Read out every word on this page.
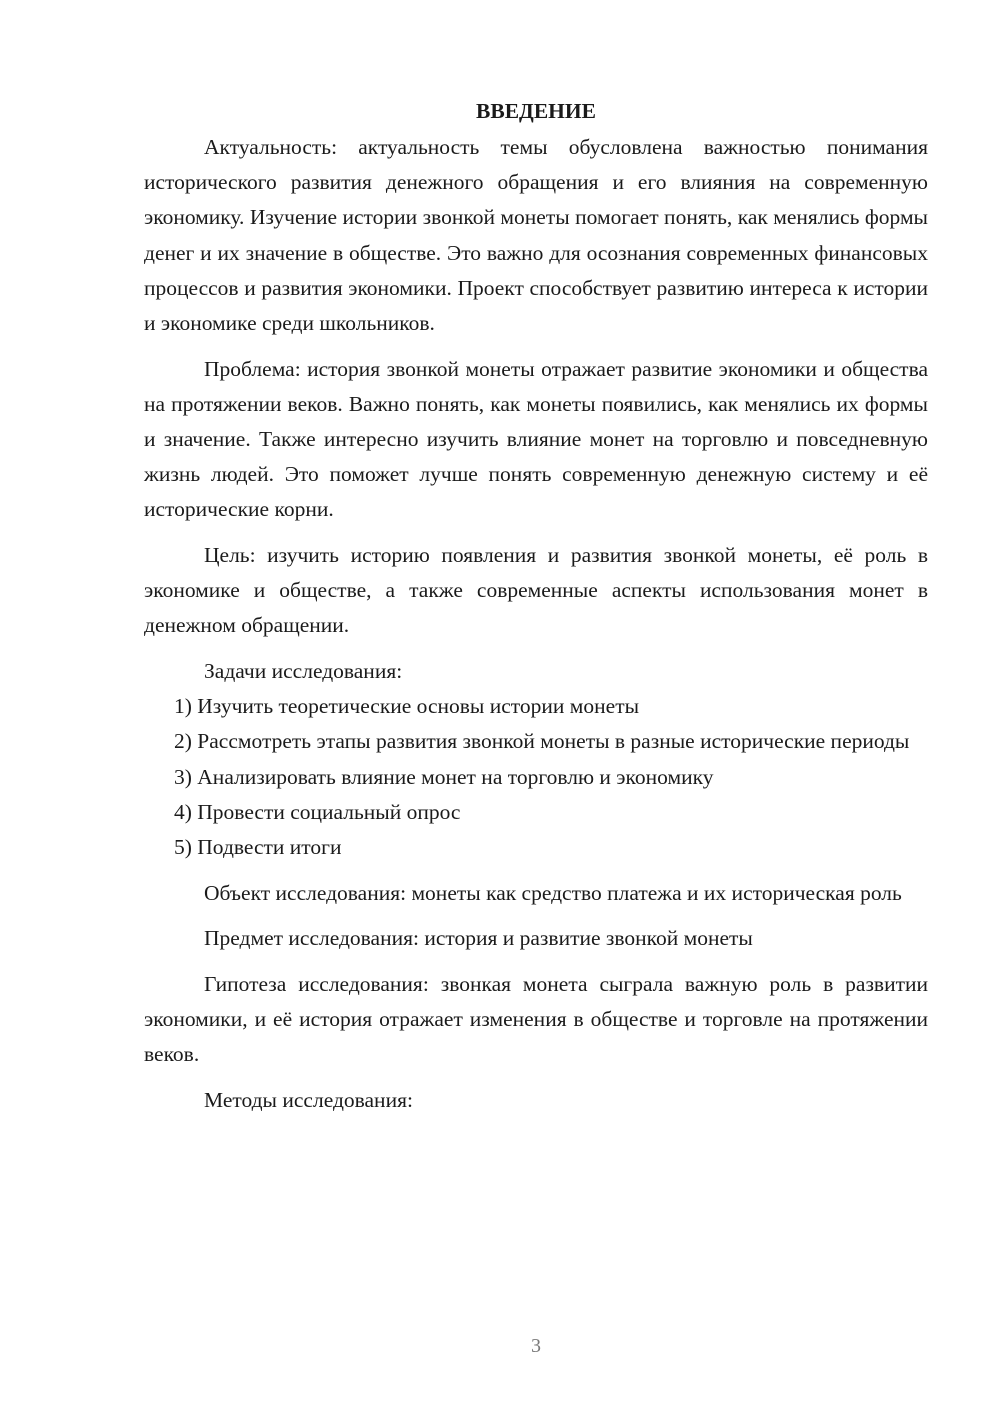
ВВЕДЕНИЕ

Актуальность: актуальность темы обусловлена важностью понимания исторического развития денежного обращения и его влияния на современную экономику. Изучение истории звонкой монеты помогает понять, как менялись формы денег и их значение в обществе. Это важно для осознания современных финансовых процессов и развития экономики. Проект способствует развитию интереса к истории и экономике среди школьников.

Проблема: история звонкой монеты отражает развитие экономики и общества на протяжении веков. Важно понять, как монеты появились, как менялись их формы и значение. Также интересно изучить влияние монет на торговлю и повседневную жизнь людей. Это поможет лучше понять современную денежную систему и её исторические корни.

Цель: изучить историю появления и развития звонкой монеты, её роль в экономике и обществе, а также современные аспекты использования монет в денежном обращении.

Задачи исследования:

1) Изучить теоретические основы истории монеты

2) Рассмотреть этапы развития звонкой монеты в разные исторические периоды

3) Анализировать влияние монет на торговлю и экономику

4) Провести социальный опрос

5) Подвести итоги

Объект исследования: монеты как средство платежа и их историческая роль

Предмет исследования: история и развитие звонкой монеты

Гипотеза исследования: звонкая монета сыграла важную роль в развитии экономики, и её история отражает изменения в обществе и торговле на протяжении веков.

Методы исследования:

3
